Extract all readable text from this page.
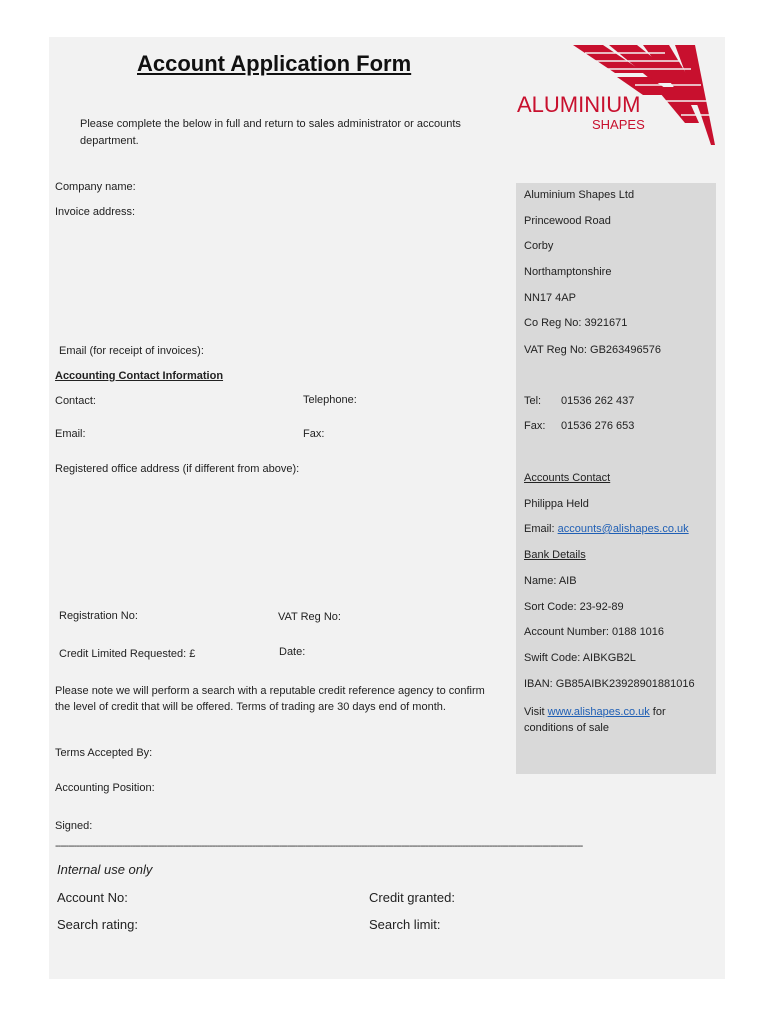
Account Application Form
Please complete the below in full and return to sales administrator or accounts department.
ALUMINIUM
SHAPES
Company name:
Invoice address:
Email (for receipt of invoices):
Accounting Contact Information
Contact:	Telephone:
Email:	Fax:
Registered office address (if different from above):
Registration No:	VAT Reg No:
Credit Limited Requested: £	Date:
Please note we will perform a search with a reputable credit reference agency to confirm the level of credit that will be offered. Terms of trading are 30 days end of month.
Terms Accepted By:
Accounting Position:
Signed:
------------------------------------------------------------------------------------------------------------------------------------------------------------------------------------------------------
Internal use only
Account No:	Credit granted:
Search rating:	Search limit:
Aluminium Shapes Ltd
Princewood Road
Corby
Northamptonshire
NN17 4AP
Co Reg No: 3921671
VAT Reg No: GB263496576
Tel: 01536 262 437
Fax: 01536 276 653
Accounts Contact
Philippa Held
Email: accounts@alishapes.co.uk
Bank Details
Name: AIB
Sort Code: 23-92-89
Account Number: 0188 1016
Swift Code: AIBKGB2L
IBAN: GB85AIBK23928901881016
Visit www.alishapes.co.uk for conditions of sale
